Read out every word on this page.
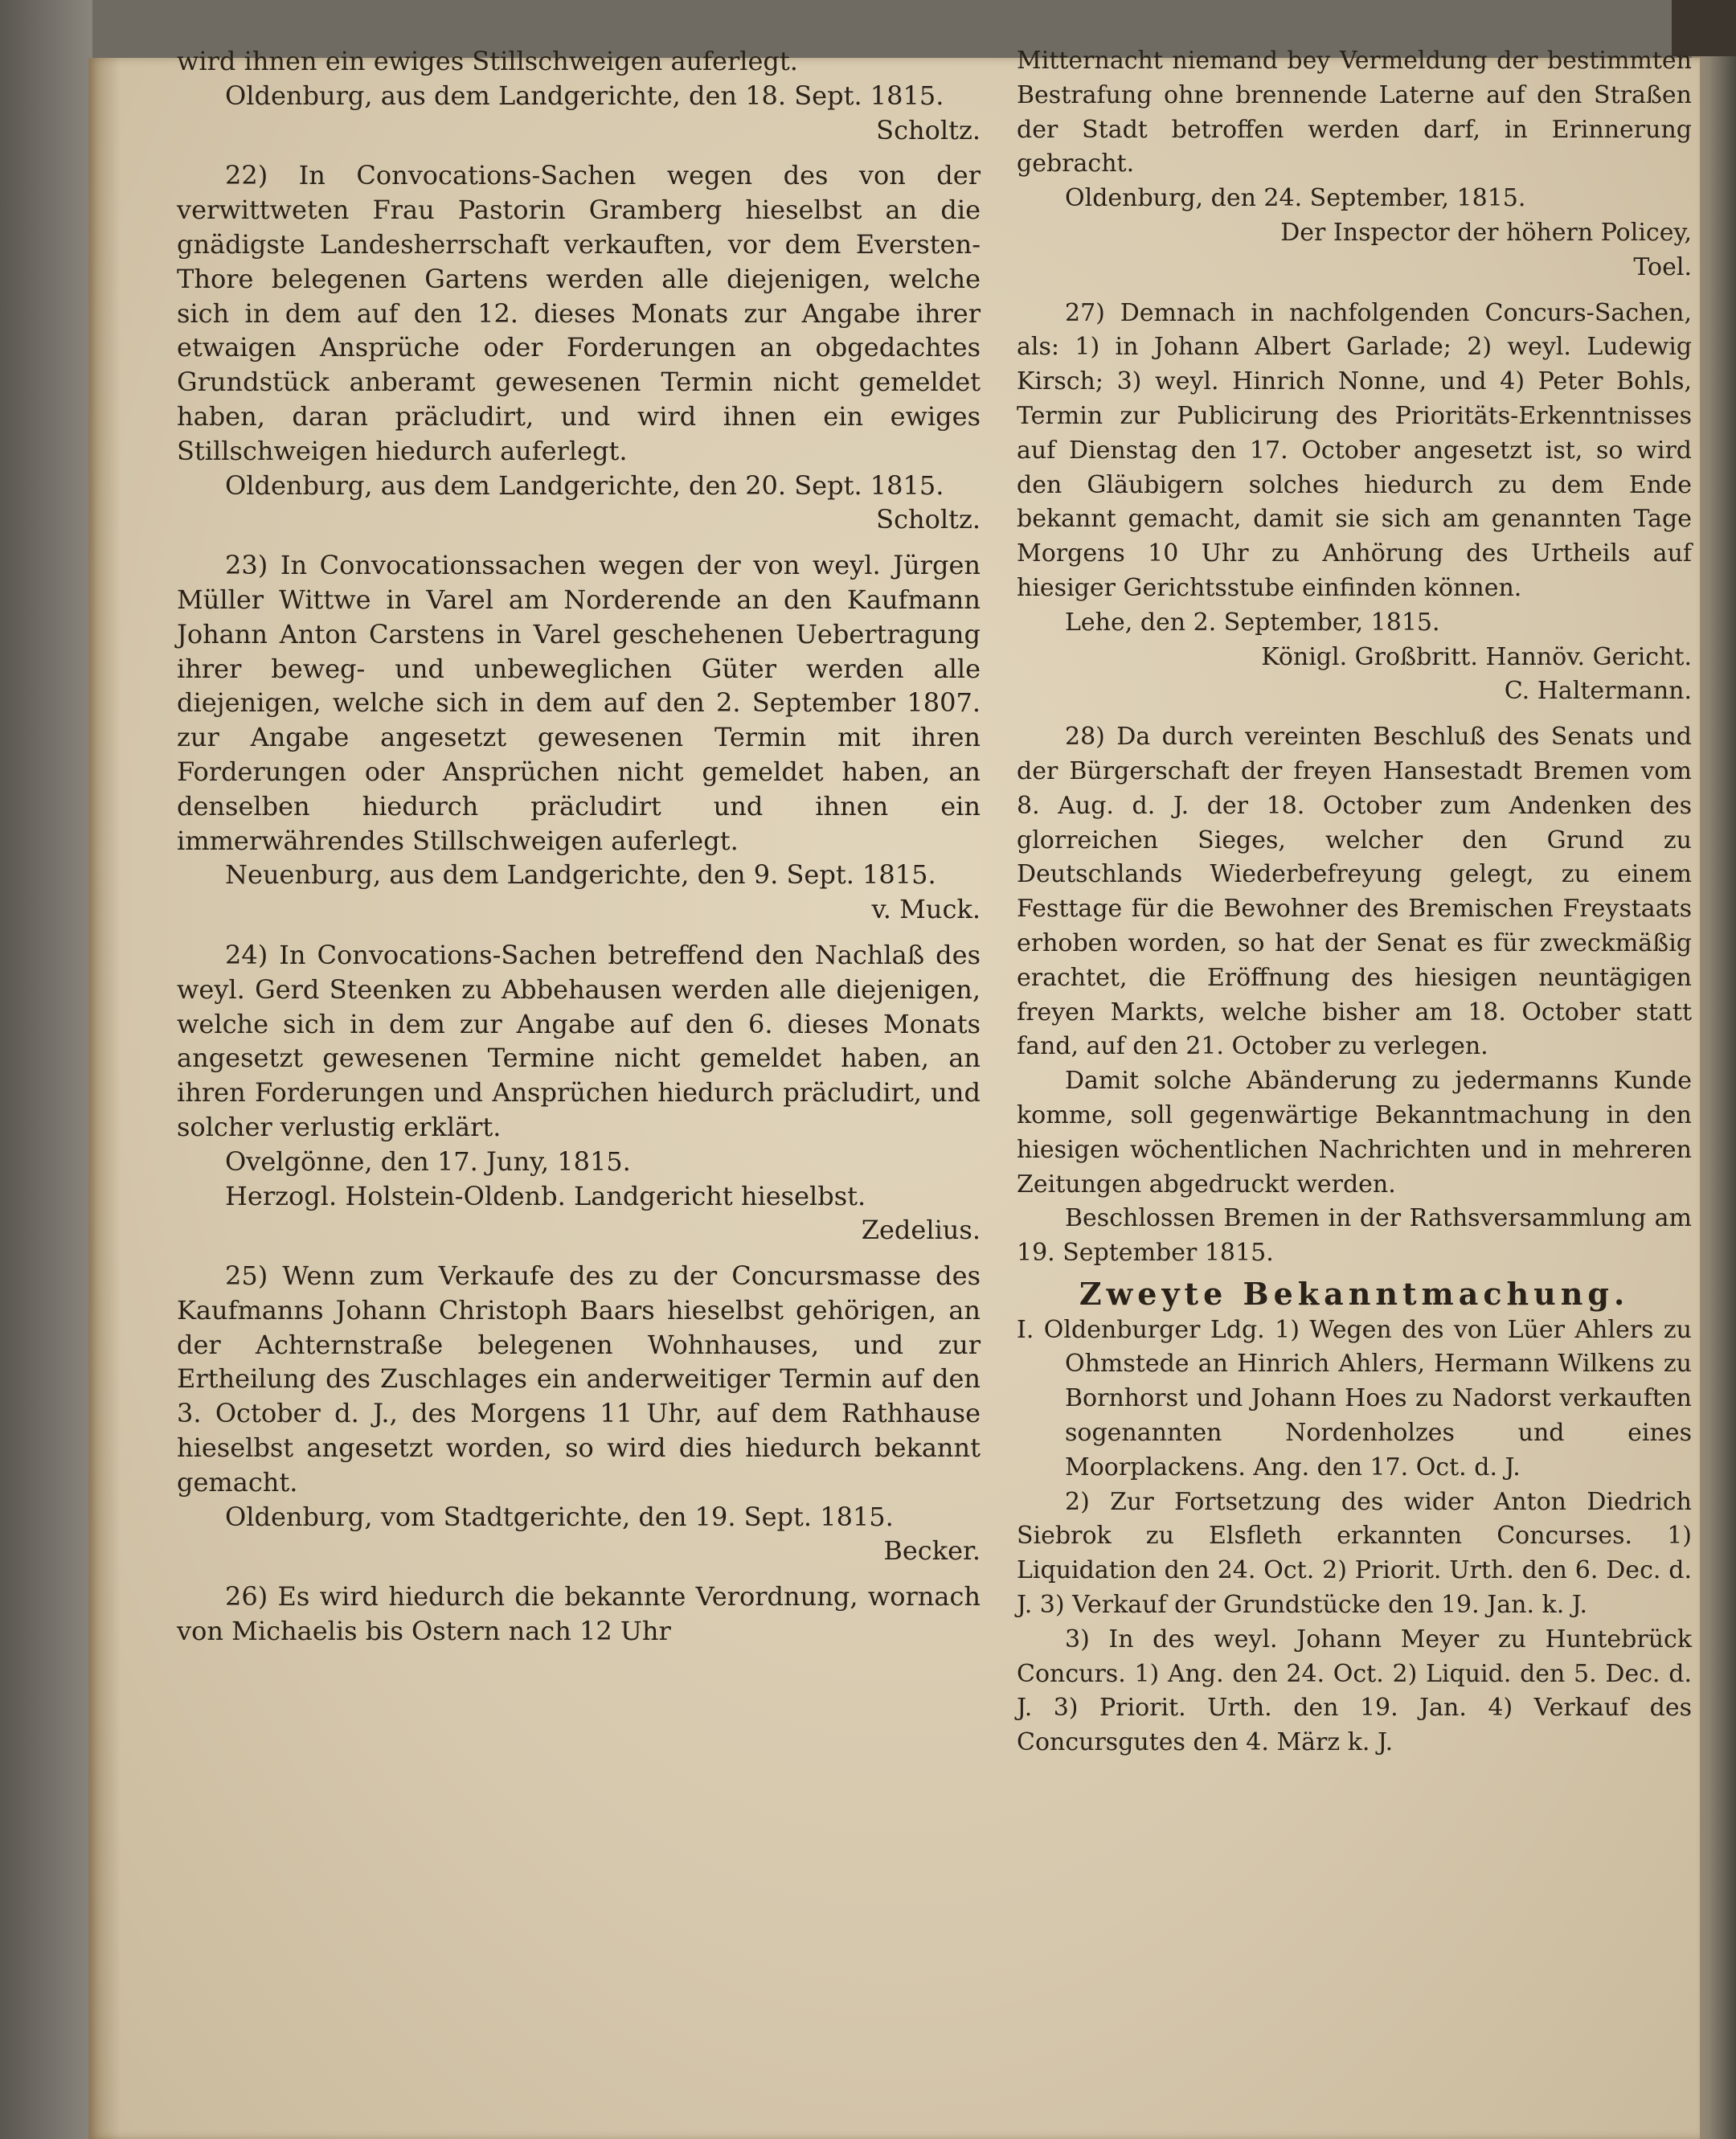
wird ihnen ein ewiges Stillschweigen auferlegt.

Oldenburg, aus dem Landgerichte, den 18. Sept. 1815.

Scholtz.

22) In Convocations-Sachen wegen des von der verwittweten Frau Pastorin Gramberg hieselbst an die gnädigste Landesherrschaft verkauften, vor dem Eversten-Thore belegenen Gartens werden alle diejenigen, welche sich in dem auf den 12. dieses Monats zur Angabe ihrer etwaigen Ansprüche oder Forderungen an obgedachtes Grundstück anberamt gewesenen Termin nicht gemeldet haben, daran präcludirt, und wird ihnen ein ewiges Stillschweigen hiedurch auferlegt.

Oldenburg, aus dem Landgerichte, den 20. Sept. 1815.

Scholtz.

23) In Convocationssachen wegen der von weyl. Jürgen Müller Wittwe in Varel am Norderende an den Kaufmann Johann Anton Carstens in Varel geschehenen Uebertragung ihrer beweg- und unbeweglichen Güter werden alle diejenigen, welche sich in dem auf den 2. September 1807. zur Angabe angesetzt gewesenen Termin mit ihren Forderungen oder Ansprüchen nicht gemeldet haben, an denselben hiedurch präcludirt und ihnen ein immerwährendes Stillschweigen auferlegt.

Neuenburg, aus dem Landgerichte, den 9. Sept. 1815.

v. Muck.

24) In Convocations-Sachen betreffend den Nachlaß des weyl. Gerd Steenken zu Abbehausen werden alle diejenigen, welche sich in dem zur Angabe auf den 6. dieses Monats angesetzt gewesenen Termine nicht gemeldet haben, an ihren Forderungen und Ansprüchen hiedurch präcludirt, und solcher verlustig erklärt.

Ovelgönne, den 17. Juny, 1815.

Herzogl. Holstein-Oldenb. Landgericht hieselbst.

Zedelius.

25) Wenn zum Verkaufe des zu der Concursmasse des Kaufmanns Johann Christoph Baars hieselbst gehörigen, an der Achternstraße belegenen Wohnhauses, und zur Ertheilung des Zuschlages ein anderweitiger Termin auf den 3. October d. J., des Morgens 11 Uhr, auf dem Rathhause hieselbst angesetzt worden, so wird dies hiedurch bekannt gemacht.

Oldenburg, vom Stadtgerichte, den 19. Sept. 1815.

Becker.

26) Es wird hiedurch die bekannte Verordnung, wornach von Michaelis bis Ostern nach 12 Uhr

Mitternacht niemand bey Vermeldung der bestimmten Bestrafung ohne brennende Laterne auf den Straßen der Stadt betroffen werden darf, in Erinnerung gebracht.

Oldenburg, den 24. September, 1815.

Der Inspector der höhern Policey,

Toel.

27) Demnach in nachfolgenden Concurs-Sachen, als: 1) in Johann Albert Garlade; 2) weyl. Ludewig Kirsch; 3) weyl. Hinrich Nonne, und 4) Peter Bohls, Termin zur Publicirung des Prioritäts-Erkenntnisses auf Dienstag den 17. October angesetzt ist, so wird den Gläubigern solches hiedurch zu dem Ende bekannt gemacht, damit sie sich am genannten Tage Morgens 10 Uhr zu Anhörung des Urtheils auf hiesiger Gerichtsstube einfinden können.

Lehe, den 2. September, 1815.

Königl. Großbritt. Hannöv. Gericht.

C. Haltermann.

28) Da durch vereinten Beschluß des Senats und der Bürgerschaft der freyen Hansestadt Bremen vom 8. Aug. d. J. der 18. October zum Andenken des glorreichen Sieges, welcher den Grund zu Deutschlands Wiederbefreyung gelegt, zu einem Festtage für die Bewohner des Bremischen Freystaats erhoben worden, so hat der Senat es für zweckmäßig erachtet, die Eröffnung des hiesigen neuntägigen freyen Markts, welche bisher am 18. October statt fand, auf den 21. October zu verlegen.

Damit solche Abänderung zu jedermanns Kunde komme, soll gegenwärtige Bekanntmachung in den hiesigen wöchentlichen Nachrichten und in mehreren Zeitungen abgedruckt werden.

Beschlossen Bremen in der Rathsversammlung am 19. September 1815.

Zweyte Bekanntmachung.

I. Oldenburger Ldg. 1) Wegen des von Lüer Ahlers zu Ohmstede an Hinrich Ahlers, Hermann Wilkens zu Bornhorst und Johann Hoes zu Nadorst verkauften sogenannten Nordenholzes und eines Moorplackens. Ang. den 17. Oct. d. J.

2) Zur Fortsetzung des wider Anton Diedrich Siebrok zu Elsfleth erkannten Concurses. 1) Liquidation den 24. Oct. 2) Priorit. Urth. den 6. Dec. d. J. 3) Verkauf der Grundstücke den 19. Jan. k. J.

3) In des weyl. Johann Meyer zu Huntebrück Concurs. 1) Ang. den 24. Oct. 2) Liquid. den 5. Dec. d. J. 3) Priorit. Urth. den 19. Jan. 4) Verkauf des Concursgutes den 4. März k. J.
